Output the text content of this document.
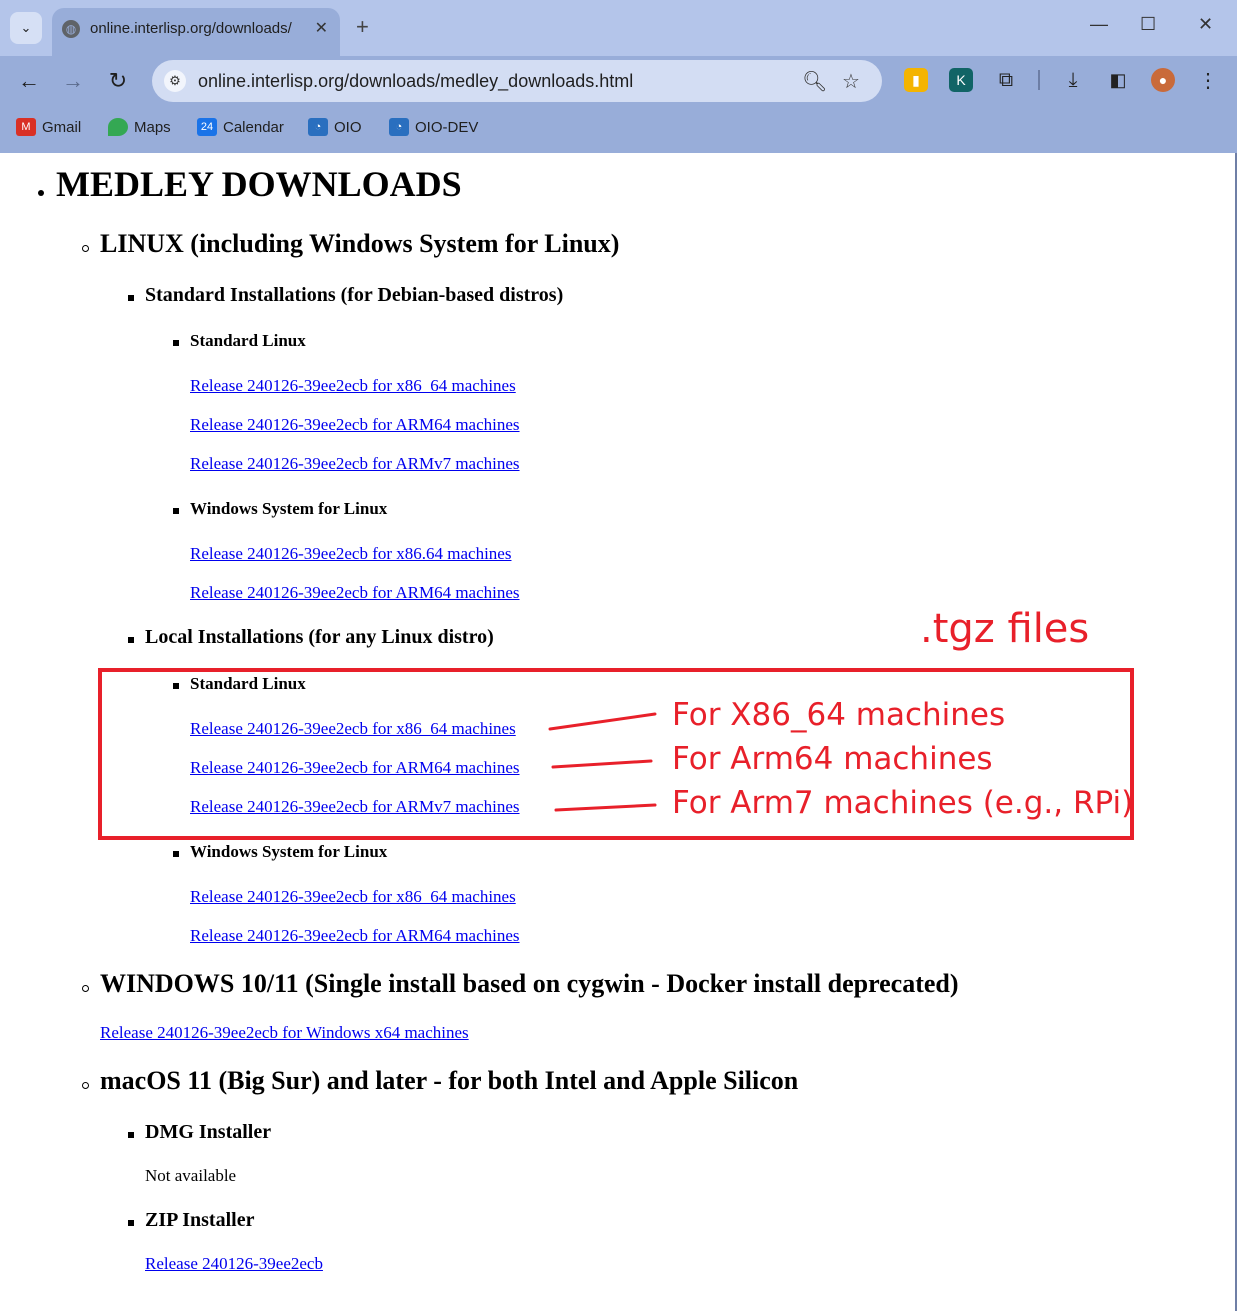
⌄	◍ online.interlisp.org/downloads/	✕ +	— ☐ ✕
← → ↻	⚙ online.interlisp.org/downloads/medley_downloads.html	🔍︎ ☆	▮	K	⧉	⤓	◧	●	⋮
M Gmail	Maps	24 Calendar	◔ OIO	◔ OIO-DEV
MEDLEY DOWNLOADS
LINUX (including Windows System for Linux)
Standard Installations (for Debian-based distros)
Standard Linux
Release 240126-39ee2ecb for x86_64 machines
Release 240126-39ee2ecb for ARM64 machines
Release 240126-39ee2ecb for ARMv7 machines
Windows System for Linux
Release 240126-39ee2ecb for x86.64 machines
Release 240126-39ee2ecb for ARM64 machines
Local Installations (for any Linux distro)
Standard Linux
Release 240126-39ee2ecb for x86_64 machines
Release 240126-39ee2ecb for ARM64 machines
Release 240126-39ee2ecb for ARMv7 machines
Windows System for Linux
Release 240126-39ee2ecb for x86_64 machines
Release 240126-39ee2ecb for ARM64 machines
WINDOWS 10/11 (Single install based on cygwin - Docker install deprecated)
Release 240126-39ee2ecb for Windows x64 machines
macOS 11 (Big Sur) and later - for both Intel and Apple Silicon
DMG Installer
Not available
ZIP Installer
Release 240126-39ee2ecb
.tgz files
For X86_64 machines
For Arm64 machines
For Arm7 machines (e.g., RPi)
